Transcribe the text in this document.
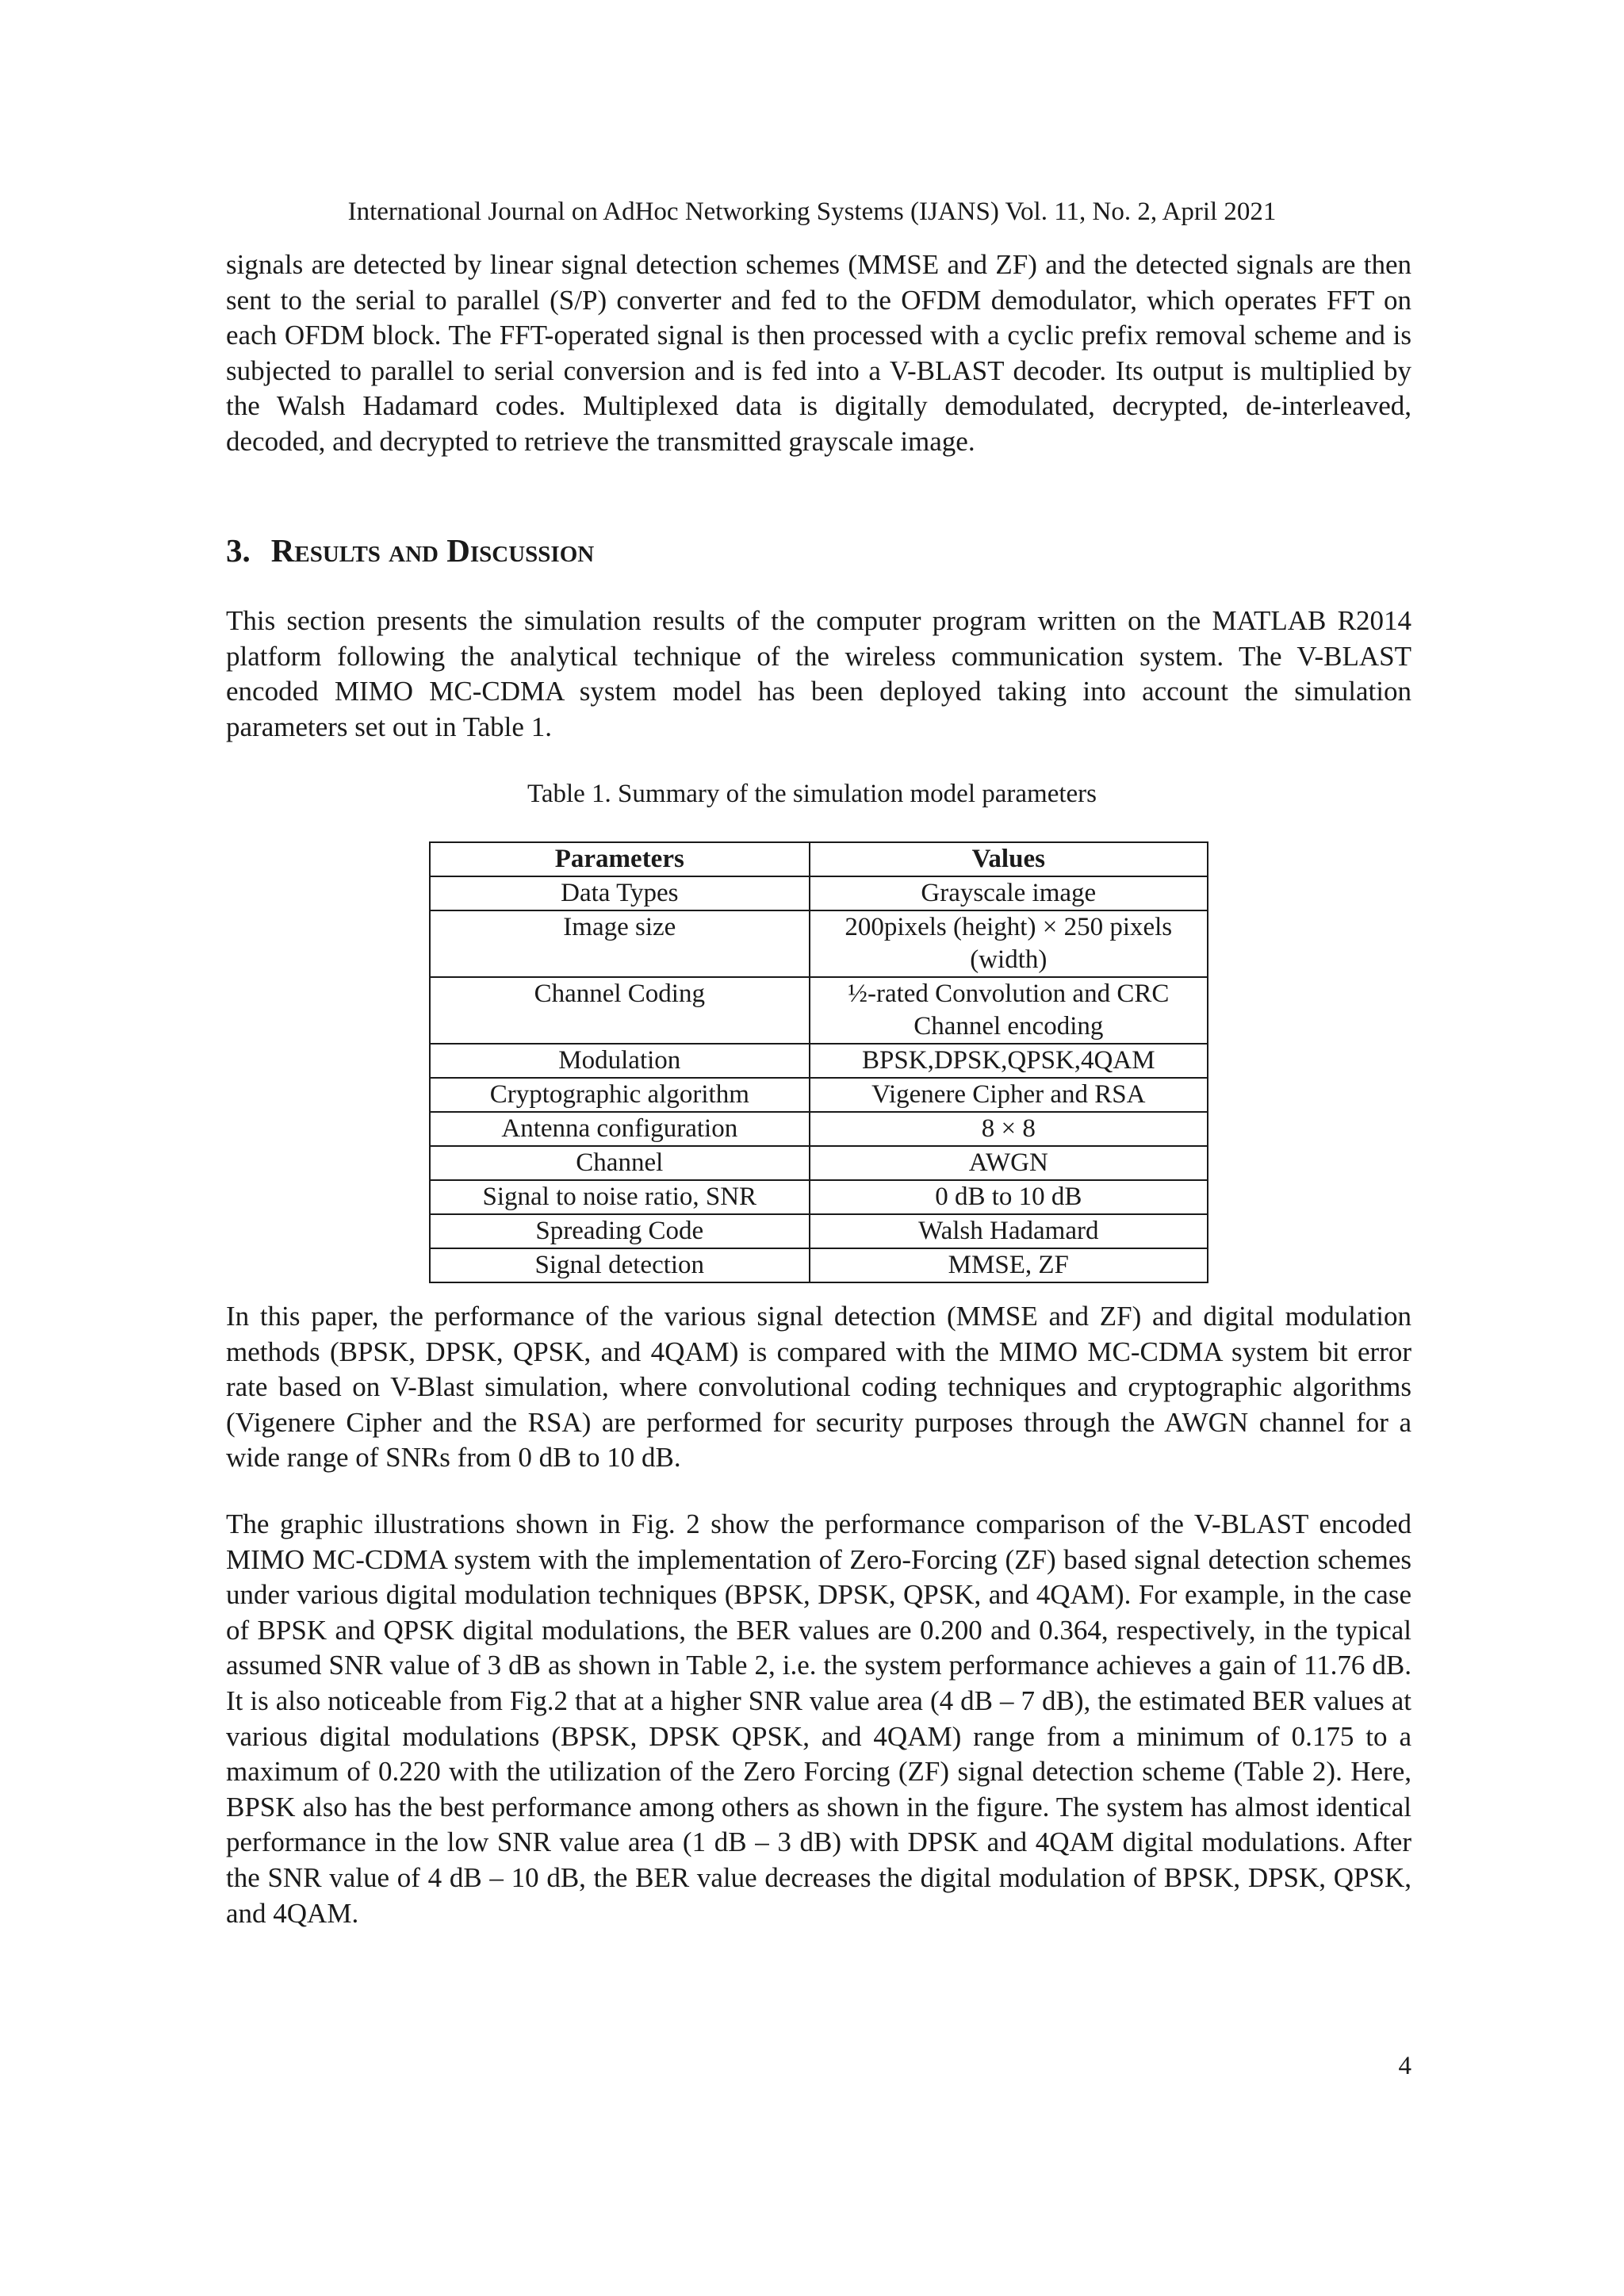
International Journal on AdHoc Networking Systems (IJANS) Vol. 11, No. 2, April 2021

signals are detected by linear signal detection schemes (MMSE and ZF) and the detected signals are then sent to the serial to parallel (S/P) converter and fed to the OFDM demodulator, which operates FFT on each OFDM block. The FFT-operated signal is then processed with a cyclic prefix removal scheme and is subjected to parallel to serial conversion and is fed into a V-BLAST decoder. Its output is multiplied by the Walsh Hadamard codes. Multiplexed data is digitally demodulated, decrypted, de-interleaved, decoded, and decrypted to retrieve the transmitted grayscale image.

3. Results and Discussion

This section presents the simulation results of the computer program written on the MATLAB R2014 platform following the analytical technique of the wireless communication system. The V-BLAST encoded MIMO MC-CDMA system model has been deployed taking into account the simulation parameters set out in Table 1.

Table 1. Summary of the simulation model parameters

Parameters	Values
Data Types	Grayscale image
Image size	200pixels (height) × 250 pixels (width)
Channel Coding	½-rated Convolution and CRC Channel encoding
Modulation	BPSK,DPSK,QPSK,4QAM
Cryptographic algorithm	Vigenere Cipher and RSA
Antenna configuration	8 × 8
Channel	AWGN
Signal to noise ratio, SNR	0 dB to 10 dB
Spreading Code	Walsh Hadamard
Signal detection	MMSE, ZF

In this paper, the performance of the various signal detection (MMSE and ZF) and digital modulation methods (BPSK, DPSK, QPSK, and 4QAM) is compared with the MIMO MC-CDMA system bit error rate based on V-Blast simulation, where convolutional coding techniques and cryptographic algorithms (Vigenere Cipher and the RSA) are performed for security purposes through the AWGN channel for a wide range of SNRs from 0 dB to 10 dB.

The graphic illustrations shown in Fig. 2 show the performance comparison of the V-BLAST encoded MIMO MC-CDMA system with the implementation of Zero-Forcing (ZF) based signal detection schemes under various digital modulation techniques (BPSK, DPSK, QPSK, and 4QAM). For example, in the case of BPSK and QPSK digital modulations, the BER values are 0.200 and 0.364, respectively, in the typical assumed SNR value of 3 dB as shown in Table 2, i.e. the system performance achieves a gain of 11.76 dB. It is also noticeable from Fig.2 that at a higher SNR value area (4 dB – 7 dB), the estimated BER values at various digital modulations (BPSK, DPSK QPSK, and 4QAM) range from a minimum of 0.175 to a maximum of 0.220 with the utilization of the Zero Forcing (ZF) signal detection scheme (Table 2). Here, BPSK also has the best performance among others as shown in the figure. The system has almost identical performance in the low SNR value area (1 dB – 3 dB) with DPSK and 4QAM digital modulations. After the SNR value of 4 dB – 10 dB, the BER value decreases the digital modulation of BPSK, DPSK, QPSK, and 4QAM.

4
